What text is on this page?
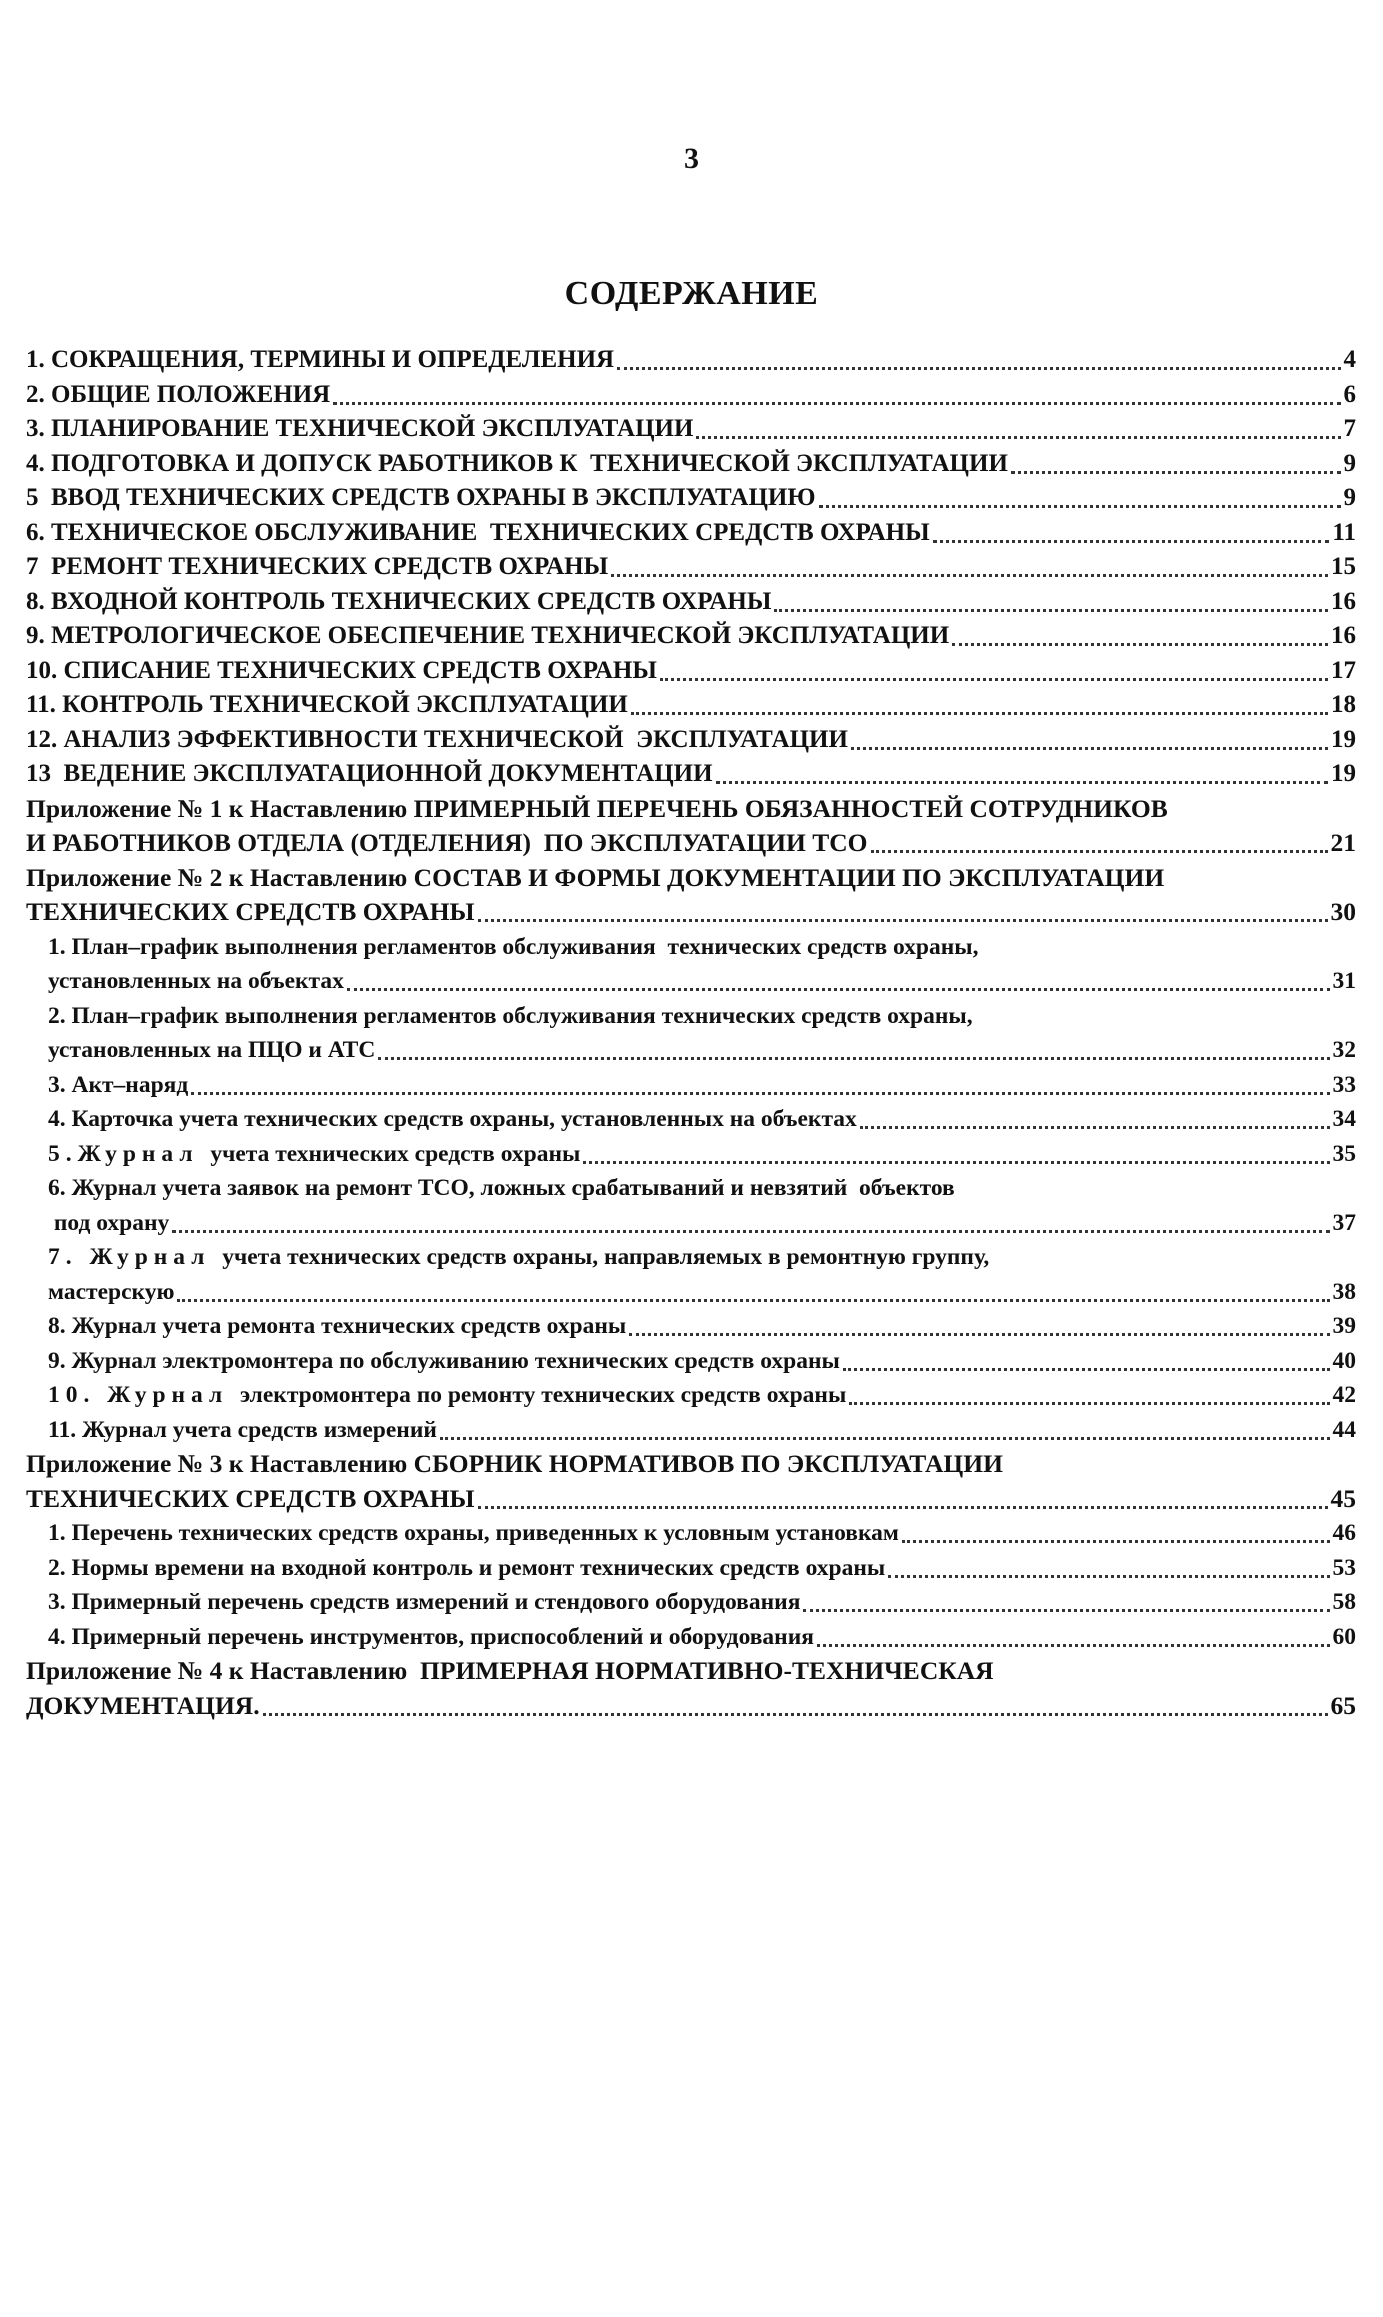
3
СОДЕРЖАНИЕ
1. СОКРАЩЕНИЯ, ТЕРМИНЫ И ОПРЕДЕЛЕНИЯ	4
2. ОБЩИЕ ПОЛОЖЕНИЯ	6
3. ПЛАНИРОВАНИЕ ТЕХНИЧЕСКОЙ ЭКСПЛУАТАЦИИ	7
4. ПОДГОТОВКА И ДОПУСК РАБОТНИКОВ К  ТЕХНИЧЕСКОЙ ЭКСПЛУАТАЦИИ	9
5  ВВОД ТЕХНИЧЕСКИХ СРЕДСТВ ОХРАНЫ В ЭКСПЛУАТАЦИЮ	9
6. ТЕХНИЧЕСКОЕ ОБСЛУЖИВАНИЕ  ТЕХНИЧЕСКИХ СРЕДСТВ ОХРАНЫ	11
7  РЕМОНТ ТЕХНИЧЕСКИХ СРЕДСТВ ОХРАНЫ	15
8. ВХОДНОЙ КОНТРОЛЬ ТЕХНИЧЕСКИХ СРЕДСТВ ОХРАНЫ	16
9. МЕТРОЛОГИЧЕСКОЕ ОБЕСПЕЧЕНИЕ ТЕХНИЧЕСКОЙ ЭКСПЛУАТАЦИИ	16
10. СПИСАНИЕ ТЕХНИЧЕСКИХ СРЕДСТВ ОХРАНЫ	17
11. КОНТРОЛЬ ТЕХНИЧЕСКОЙ ЭКСПЛУАТАЦИИ	18
12. АНАЛИЗ ЭФФЕКТИВНОСТИ ТЕХНИЧЕСКОЙ  ЭКСПЛУАТАЦИИ	19
13  ВЕДЕНИЕ ЭКСПЛУАТАЦИОННОЙ ДОКУМЕНТАЦИИ	19
Приложение № 1 к Наставлению ПРИМЕРНЫЙ ПЕРЕЧЕНЬ ОБЯЗАННОСТЕЙ СОТРУДНИКОВ
И РАБОТНИКОВ ОТДЕЛА (ОТДЕЛЕНИЯ)  ПО ЭКСПЛУАТАЦИИ ТСО	21
Приложение № 2 к Наставлению СОСТАВ И ФОРМЫ ДОКУМЕНТАЦИИ ПО ЭКСПЛУАТАЦИИ
ТЕХНИЧЕСКИХ СРЕДСТВ ОХРАНЫ	30
1. План–график выполнения регламентов обслуживания  технических средств охраны,
установленных на объектах	31
2. План–график выполнения регламентов обслуживания технических средств охраны,
установленных на ПЦО и АТС	32
3. Акт–наряд	33
4. Карточка учета технических средств охраны, установленных на объектах	34
5.Журнал  учета технических средств охраны	35
6. Журнал учета заявок на ремонт ТСО, ложных срабатываний и невзятий  объектов
под охрану	37
7. Журнал  учета технических средств охраны, направляемых в ремонтную группу,
мастерскую	38
8. Журнал учета ремонта технических средств охраны	39
9. Журнал электромонтера по обслуживанию технических средств охраны	40
10. Журнал  электромонтера по ремонту технических средств охраны	42
11. Журнал учета средств измерений	44
Приложение № 3 к Наставлению СБОРНИК НОРМАТИВОВ ПО ЭКСПЛУАТАЦИИ
ТЕХНИЧЕСКИХ СРЕДСТВ ОХРАНЫ	45
1. Перечень технических средств охраны, приведенных к условным установкам	46
2. Нормы времени на входной контроль и ремонт технических средств охраны	53
3. Примерный перечень средств измерений и стендового оборудования	58
4. Примерный перечень инструментов, приспособлений и оборудования	60
Приложение № 4 к Наставлению  ПРИМЕРНАЯ НОРМАТИВНО-ТЕХНИЧЕСКАЯ
ДОКУМЕНТАЦИЯ.	65
